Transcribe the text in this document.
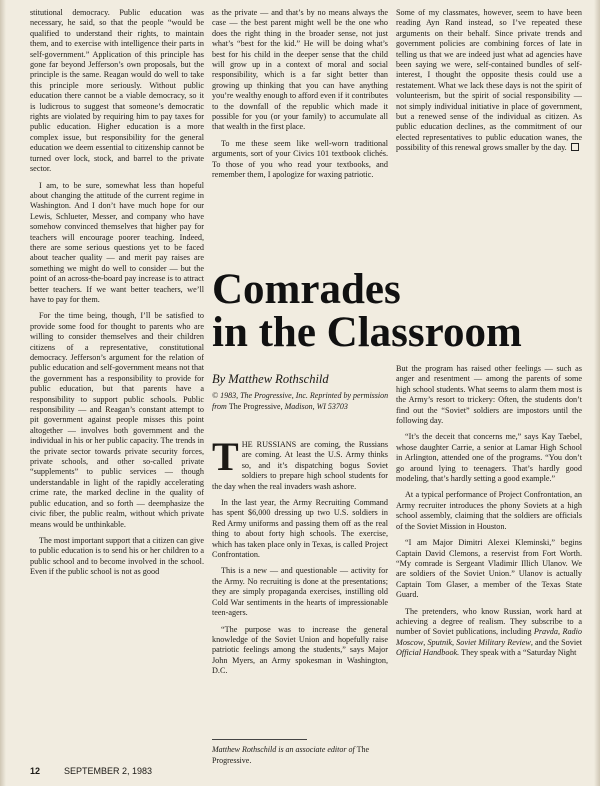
stitutional democracy. Public education was necessary, he said, so that the people “would be qualified to understand their rights, to maintain them, and to exercise with intelligence their parts in self-government.” Application of this principle has gone far beyond Jefferson’s own proposals, but the principle is the same. Reagan would do well to take this principle more seriously. Without public education there cannot be a viable democracy, so it is ludicrous to suggest that someone’s democratic rights are violated by requiring him to pay taxes for public education. Higher education is a more complex issue, but responsibility for the general education we deem essential to citizenship cannot be turned over lock, stock, and barrel to the private sector.

I am, to be sure, somewhat less than hopeful about changing the attitude of the current regime in Washington. And I don’t have much hope for our Lewis, Schlueter, Messer, and company who have somehow convinced themselves that higher pay for teachers will encourage poorer teaching. Indeed, there are some serious questions yet to be faced about teacher quality — and merit pay raises are something we might do well to consider — but the point of an across-the-board pay increase is to attract better teachers. If we want better teachers, we’ll have to pay for them.

For the time being, though, I’ll be satisfied to provide some food for thought to parents who are willing to consider themselves and their children citizens of a representative, constitutional democracy. Jefferson’s argument for the relation of public education and self-government means not that the government has a responsibility to provide for public education, but that parents have a responsibility to support public schools. Public responsibility — and Reagan’s constant attempt to pit government against people misses this point altogether — involves both government and the individual in his or her public capacity. The trends in the private sector towards private security forces, private schools, and other so-called private “supplements” to public services — though understandable in light of the rapidly accelerating crime rate, the marked decline in the quality of public education, and so forth — deemphasize the civic fiber, the public realm, without which private means would be unthinkable.

The most important support that a citizen can give to public education is to send his or her children to a public school and to become involved in the school. Even if the public school is not as good

as the private — and that’s by no means always the case — the best parent might well be the one who does the right thing in the broader sense, not just what’s “best for the kid.” He will be doing what’s best for his child in the deeper sense that the child will grow up in a context of moral and social responsibility, which is a far sight better than growing up thinking that you can have anything you’re wealthy enough to afford even if it contributes to the downfall of the republic which made it possible for you (or your family) to accumulate all that wealth in the first place.

To me these seem like well-worn traditional arguments, sort of your Civics 101 textbook clichés. To those of you who read your textbooks, and remember them, I apologize for waxing patriotic.

Some of my classmates, however, seem to have been reading Ayn Rand instead, so I’ve repeated these arguments on their behalf. Since private trends and government policies are combining forces of late in telling us that we are indeed just what ad agencies have been saying we were, self-contained bundles of self-interest, I thought the opposite thesis could use a restatement. What we lack these days is not the spirit of volunteerism, but the spirit of social responsibility — not simply individual initiative in place of government, but a renewed sense of the individual as citizen. As public education declines, as the commitment of our elected representatives to public education wanes, the possibility of this renewal grows smaller by the day.

Comrades
in the Classroom
By Matthew Rothschild
© 1983, The Progressive, Inc. Reprinted by permission from The Progressive, Madison, WI 53703

THE RUSSIANS are coming, the Russians are coming. At least the U.S. Army thinks so, and it’s dispatching bogus Soviet soldiers to prepare high school students for the day when the real invaders wash ashore.

In the last year, the Army Recruiting Command has spent $6,000 dressing up two U.S. soldiers in Red Army uniforms and passing them off as the real thing to about forty high schools. The exercise, which has taken place only in Texas, is called Project Confrontation.

This is a new — and questionable — activity for the Army. No recruiting is done at the presentations; they are simply propaganda exercises, instilling old Cold War sentiments in the hearts of impressionable teen-agers.

“The purpose was to increase the general knowledge of the Soviet Union and hopefully raise patriotic feelings among the students,” says Major John Myers, an Army spokesman in Washington, D.C.

Matthew Rothschild is an associate editor of The Progressive.

But the program has raised other feelings — such as anger and resentment — among the parents of some high school students. What seems to alarm them most is the Army’s resort to trickery: Often, the students don’t find out the “Soviet” soldiers are impostors until the following day.

“It’s the deceit that concerns me,” says Kay Taebel, whose daughter Carrie, a senior at Lamar High School in Arlington, attended one of the programs. “You don’t go around lying to teenagers. That’s hardly good modeling, that’s hardly setting a good example.”

At a typical performance of Project Confrontation, an Army recruiter introduces the phony Soviets at a high school assembly, claiming that the soldiers are officials of the Soviet Mission in Houston.

“I am Major Dimitri Alexei Kleminski,” begins Captain David Clemons, a reservist from Fort Worth. “My comrade is Sergeant Vladimir Illich Ulanov. We are soldiers of the Soviet Union.” Ulanov is actually Captain Tom Glaser, a member of the Texas State Guard.

The pretenders, who know Russian, work hard at achieving a degree of realism. They subscribe to a number of Soviet publications, including Pravda, Radio Moscow, Sputnik, Soviet Military Review, and the Soviet Official Handbook. They speak with a “Saturday Night

12	SEPTEMBER 2, 1983
